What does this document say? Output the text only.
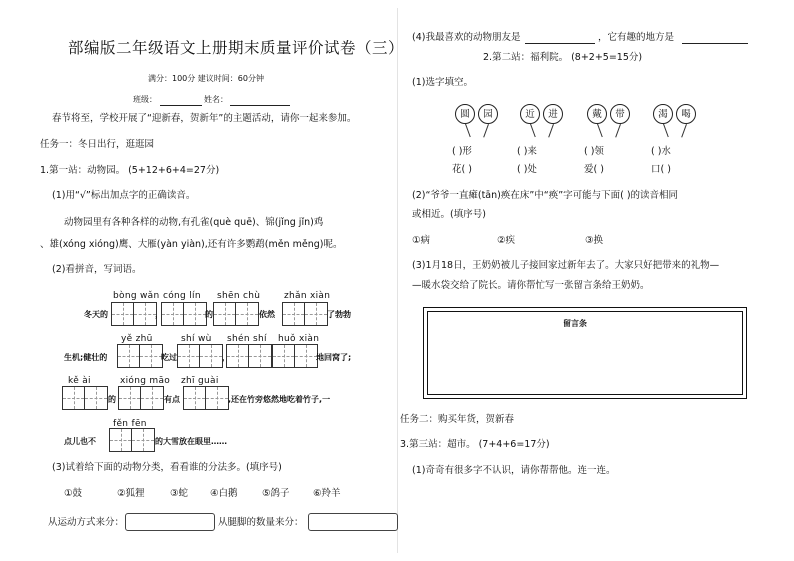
部编版二年级语文上册期末质量评价试卷（三）
满分：100分 建议时间：60分钟
班级：	姓名：
春节将至，学校开展了“迎新春，贺新年”的主题活动，请你一起来参加。
任务一：冬日出行，逛逛园
1.第一站：动物园。 (5+12+6+4=27分)
(1)用“√”标出加点字的正确读音。
动物园里有各种各样的动物,有孔雀(què quē)、锦(jǐng jǐn)鸡
、雄(xóng xióng)鹰、大雁(yàn yiàn),还有许多鹦鹉(měn měng)呢。
(2)看拼音，写词语。
bòng wǎn cóng lín shēn chù	zhǎn xiàn
冬天的	，	的	依然	了勃勃
yě zhū	shí wù shén shí huǒ xiàn
生机;健壮的	吃过	，	地回窝了;
kě ài	xióng māo zhī guài
的	有点	,还在竹旁悠然地吃着竹子,一
fěn fēn
点儿也不	的大雪放在眼里……
(3)试着给下面的动物分类，看看谁的分法多。(填序号)
①鼓	②狐狸	③蛇 ④白鹅	⑤鸽子 ⑥羚羊
从运动方式来分：	从腿脚的数量来分：
(4)我最喜欢的动物朋友是	，它有趣的地方是
2.第二站：福利院。 (8+2+5=15分)
(1)选字填空。
圆	园	近	进	戴	带	渴	喝
( )形	( )来	( )领	( )水
花( )	( )处	爱( )	口( )
(2)“爷爷一直瘫(tān)痪在床”中“痪”字可能与下面( )的读音相同
或相近。(填序号)
①病	②疾	③换
(3)1月18日，王奶奶被儿子接回家过新年去了。大家只好把带来的礼物—
—暖水袋交给了院长。请你帮忙写一张留言条给王奶奶。
留言条
任务二：购买年货，贺新春
3.第三站：超市。 (7+4+6=17分)
(1)奇奇有很多字不认识，请你帮帮他。连一连。
